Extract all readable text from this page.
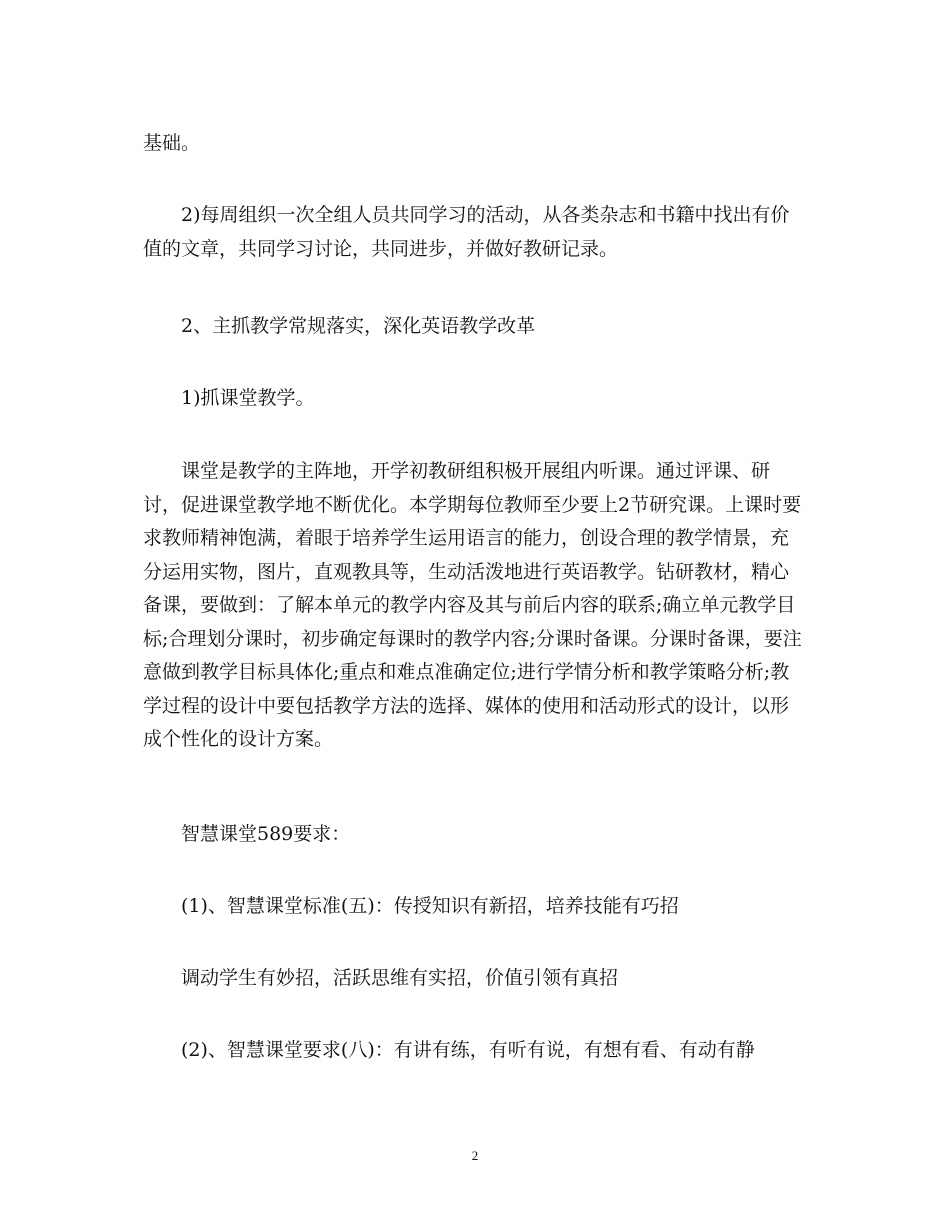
基础。

2)每周组织一次全组人员共同学习的活动，从各类杂志和书籍中找出有价值的文章，共同学习讨论，共同进步，并做好教研记录。

2、主抓教学常规落实，深化英语教学改革

1)抓课堂教学。

课堂是教学的主阵地，开学初教研组积极开展组内听课。通过评课、研讨，促进课堂教学地不断优化。本学期每位教师至少要上2节研究课。上课时要求教师精神饱满，着眼于培养学生运用语言的能力，创设合理的教学情景，充分运用实物，图片，直观教具等，生动活泼地进行英语教学。钻研教材，精心备课，要做到：了解本单元的教学内容及其与前后内容的联系;确立单元教学目标;合理划分课时，初步确定每课时的教学内容;分课时备课。分课时备课，要注意做到教学目标具体化;重点和难点准确定位;进行学情分析和教学策略分析;教学过程的设计中要包括教学方法的选择、媒体的使用和活动形式的设计，以形成个性化的设计方案。

智慧课堂589要求：

(1)、智慧课堂标准(五)：传授知识有新招，培养技能有巧招

调动学生有妙招，活跃思维有实招，价值引领有真招

(2)、智慧课堂要求(八)：有讲有练，有听有说，有想有看、有动有静

2
